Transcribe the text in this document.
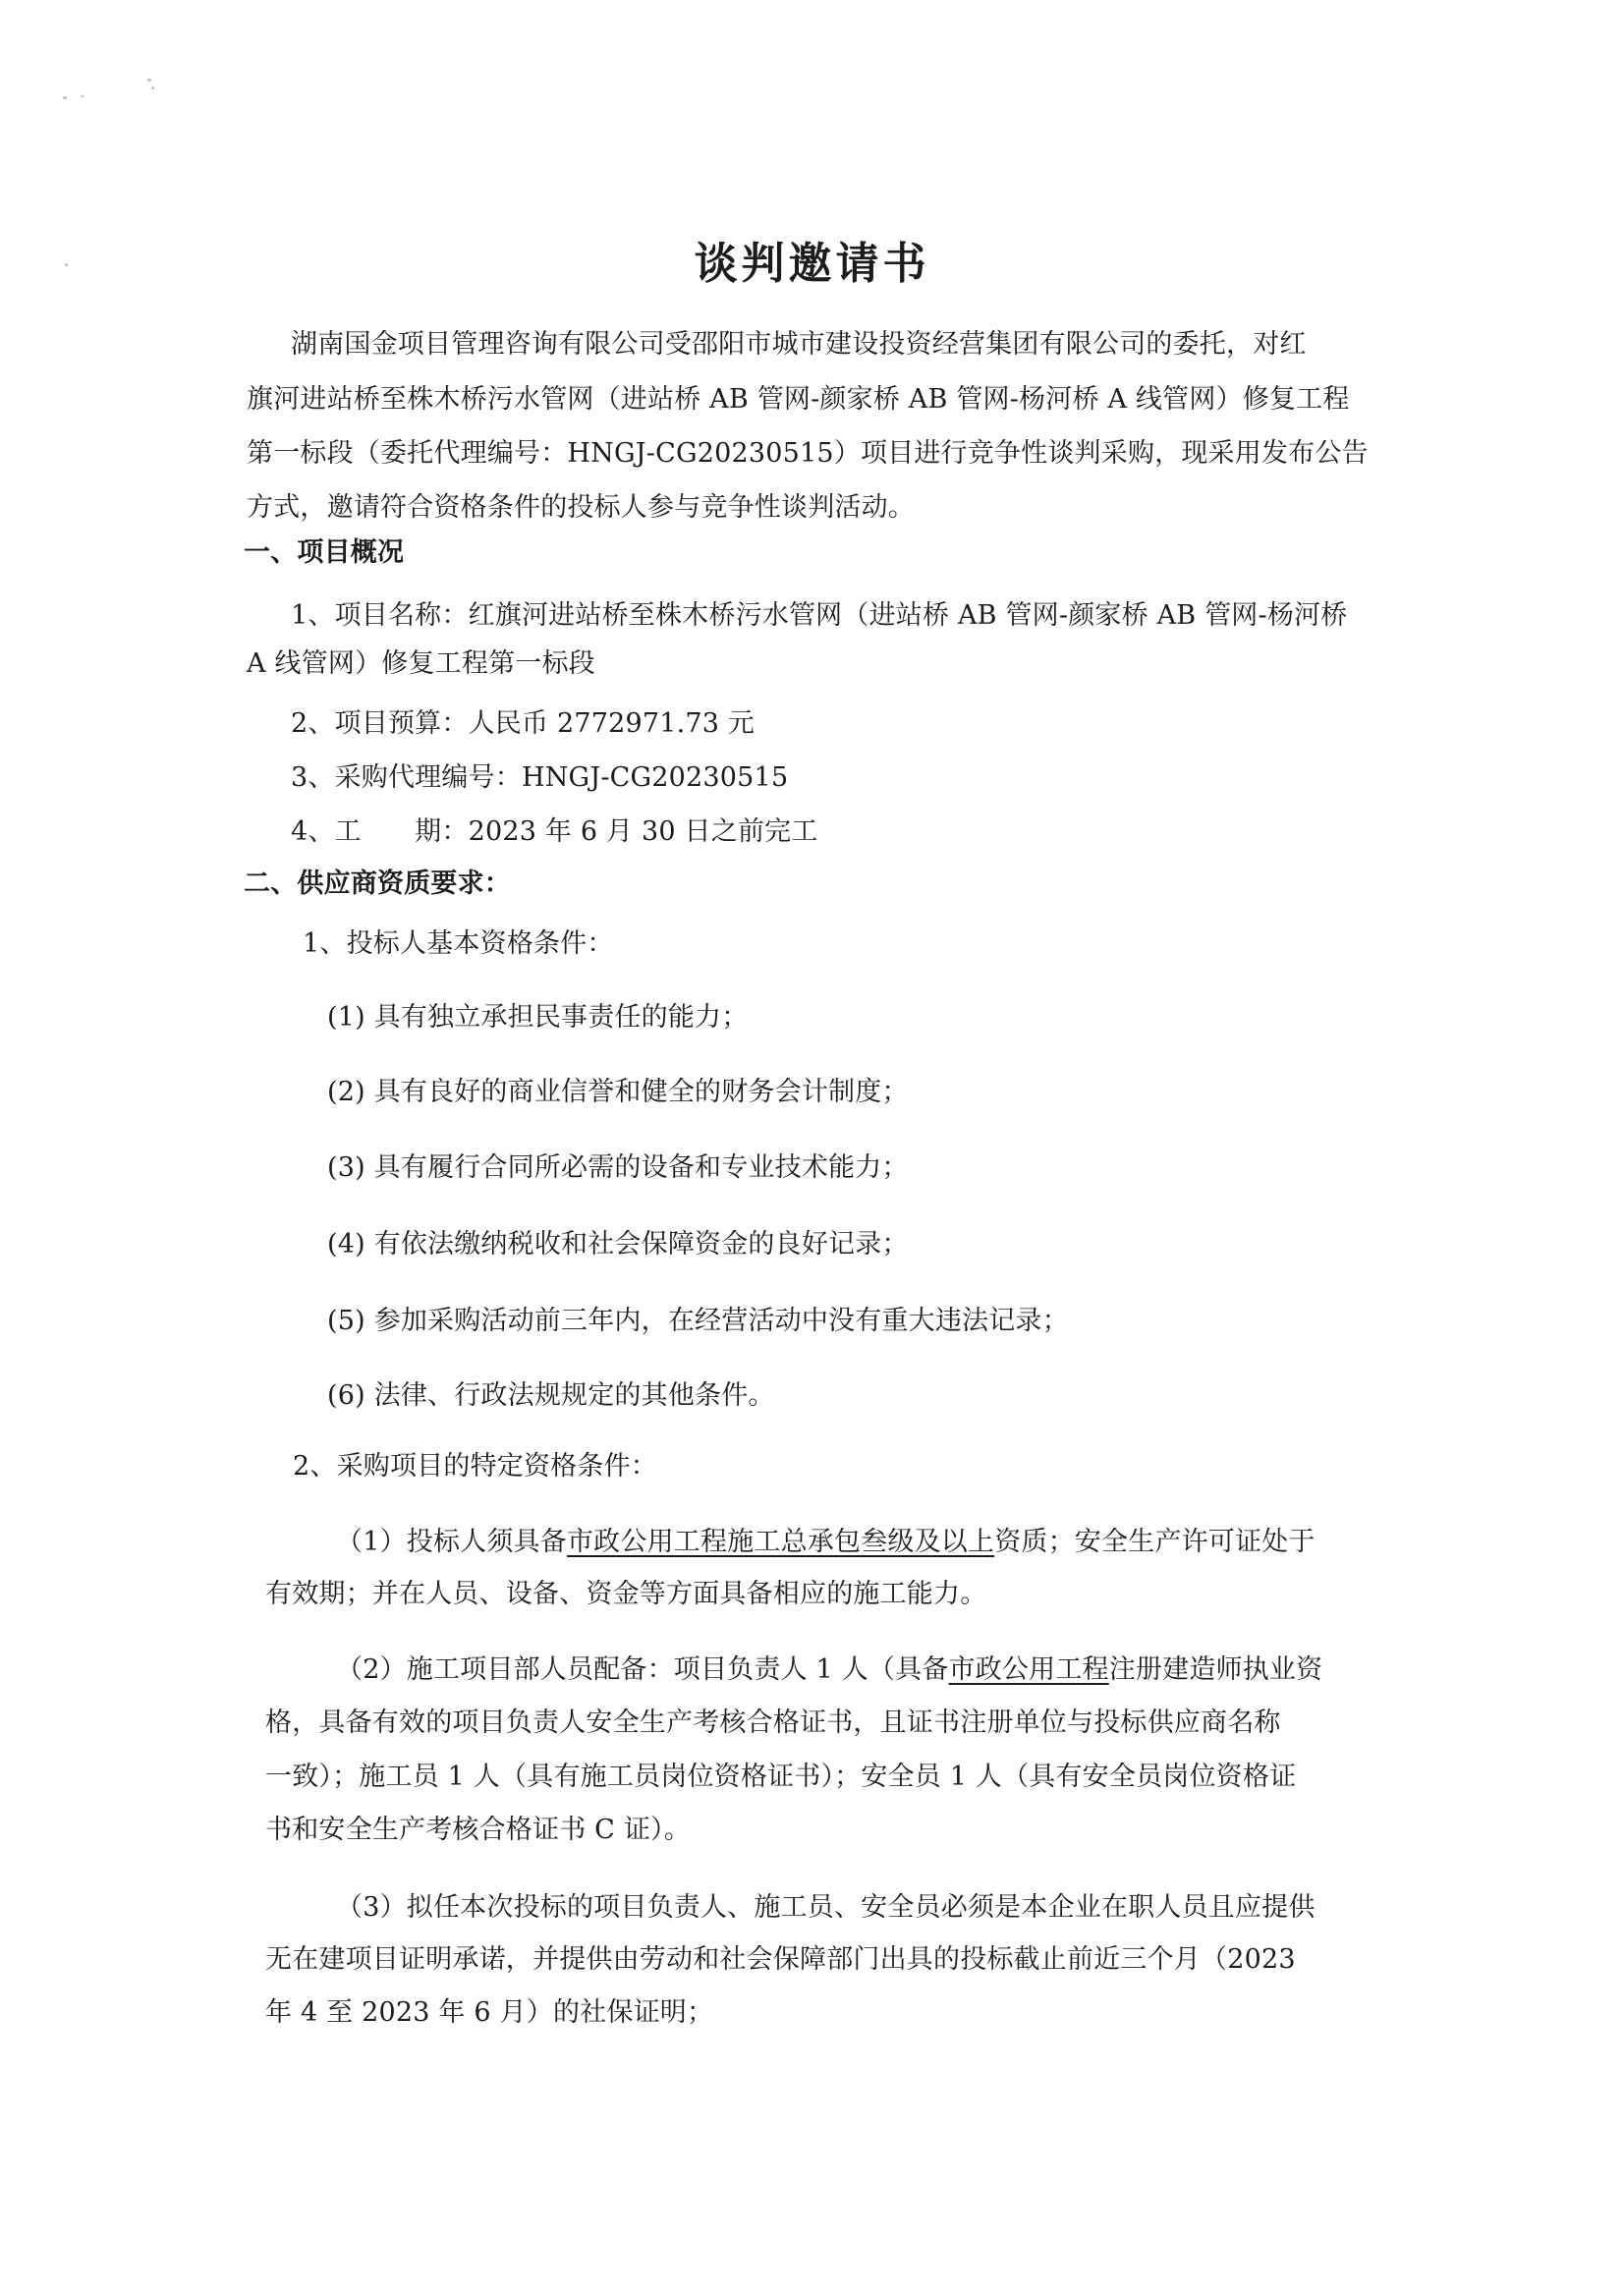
谈判邀请书
湖南国金项目管理咨询有限公司受邵阳市城市建设投资经营集团有限公司的委托，对红
旗河进站桥至株木桥污水管网（进站桥 AB 管网-颜家桥 AB 管网-杨河桥 A 线管网）修复工程
第一标段（委托代理编号：HNGJ-CG20230515）项目进行竞争性谈判采购，现采用发布公告
方式，邀请符合资格条件的投标人参与竞争性谈判活动。
一、项目概况
1、项目名称：红旗河进站桥至株木桥污水管网（进站桥 AB 管网-颜家桥 AB 管网-杨河桥
A 线管网）修复工程第一标段
2、项目预算：人民币 2772971.73 元
3、采购代理编号：HNGJ-CG20230515
4、工　　期：2023 年 6 月 30 日之前完工
二、供应商资质要求：
1、投标人基本资格条件：
(1) 具有独立承担民事责任的能力；
(2) 具有良好的商业信誉和健全的财务会计制度；
(3) 具有履行合同所必需的设备和专业技术能力；
(4) 有依法缴纳税收和社会保障资金的良好记录；
(5) 参加采购活动前三年内，在经营活动中没有重大违法记录；
(6) 法律、行政法规规定的其他条件。
2、采购项目的特定资格条件：
（1）投标人须具备市政公用工程施工总承包叁级及以上资质；安全生产许可证处于
有效期；并在人员、设备、资金等方面具备相应的施工能力。
（2）施工项目部人员配备：项目负责人 1 人（具备市政公用工程注册建造师执业资
格，具备有效的项目负责人安全生产考核合格证书，且证书注册单位与投标供应商名称
一致）；施工员 1 人（具有施工员岗位资格证书）；安全员 1 人（具有安全员岗位资格证
书和安全生产考核合格证书 C 证）。
（3）拟任本次投标的项目负责人、施工员、安全员必须是本企业在职人员且应提供
无在建项目证明承诺，并提供由劳动和社会保障部门出具的投标截止前近三个月（2023
年 4 至 2023 年 6 月）的社保证明；
